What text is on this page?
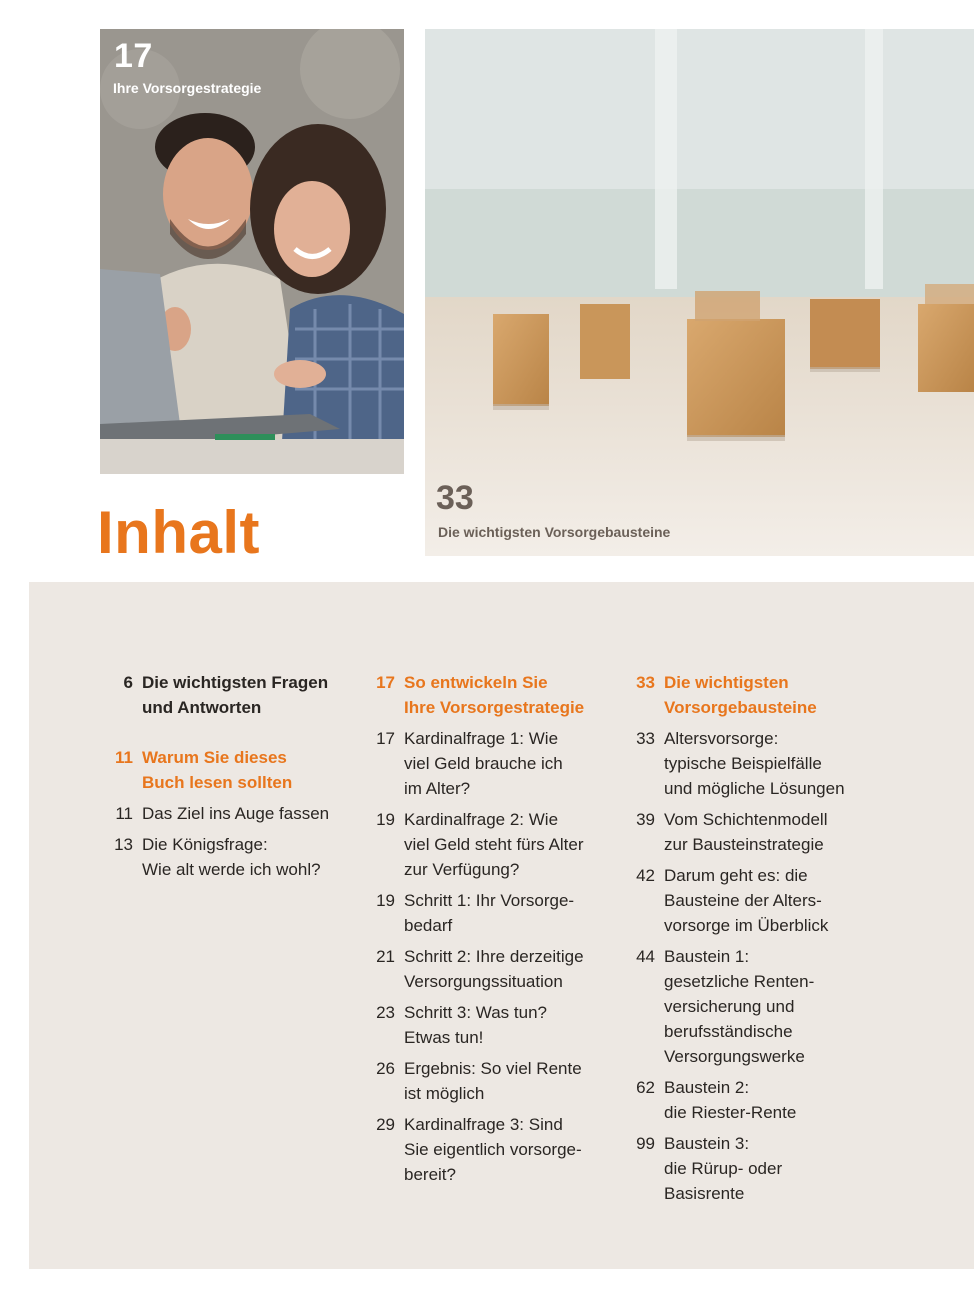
17
Ihre Vorsorgestrategie
33
Die wichtigsten Vorsorgebausteine
Inhalt
6 Die wichtigsten Fragen
und Antworten
11 Warum Sie dieses
Buch lesen sollten
11 Das Ziel ins Auge fassen
13 Die Königsfrage:
Wie alt werde ich wohl?
17 So entwickeln Sie
Ihre Vorsorgestrategie
17 Kardinalfrage 1: Wie
viel Geld brauche ich
im Alter?
19 Kardinalfrage 2: Wie
viel Geld steht fürs Alter
zur Verfügung?
19 Schritt 1: Ihr Vorsorge-
bedarf
21 Schritt 2: Ihre derzeitige
Versorgungssituation
23 Schritt 3: Was tun?
Etwas tun!
26 Ergebnis: So viel Rente
ist möglich
29 Kardinalfrage 3: Sind
Sie eigentlich vorsorge-
bereit?
33 Die wichtigsten
Vorsorgebausteine
33 Altersvorsorge:
typische Beispielfälle
und mögliche Lösungen
39 Vom Schichtenmodell
zur Bausteinstrategie
42 Darum geht es: die
Bausteine der Alters-
vorsorge im Überblick
44 Baustein 1:
gesetzliche Renten-
versicherung und
berufsständische
Versorgungswerke
62 Baustein 2:
die Riester-Rente
99 Baustein 3:
die Rürup- oder
Basisrente
